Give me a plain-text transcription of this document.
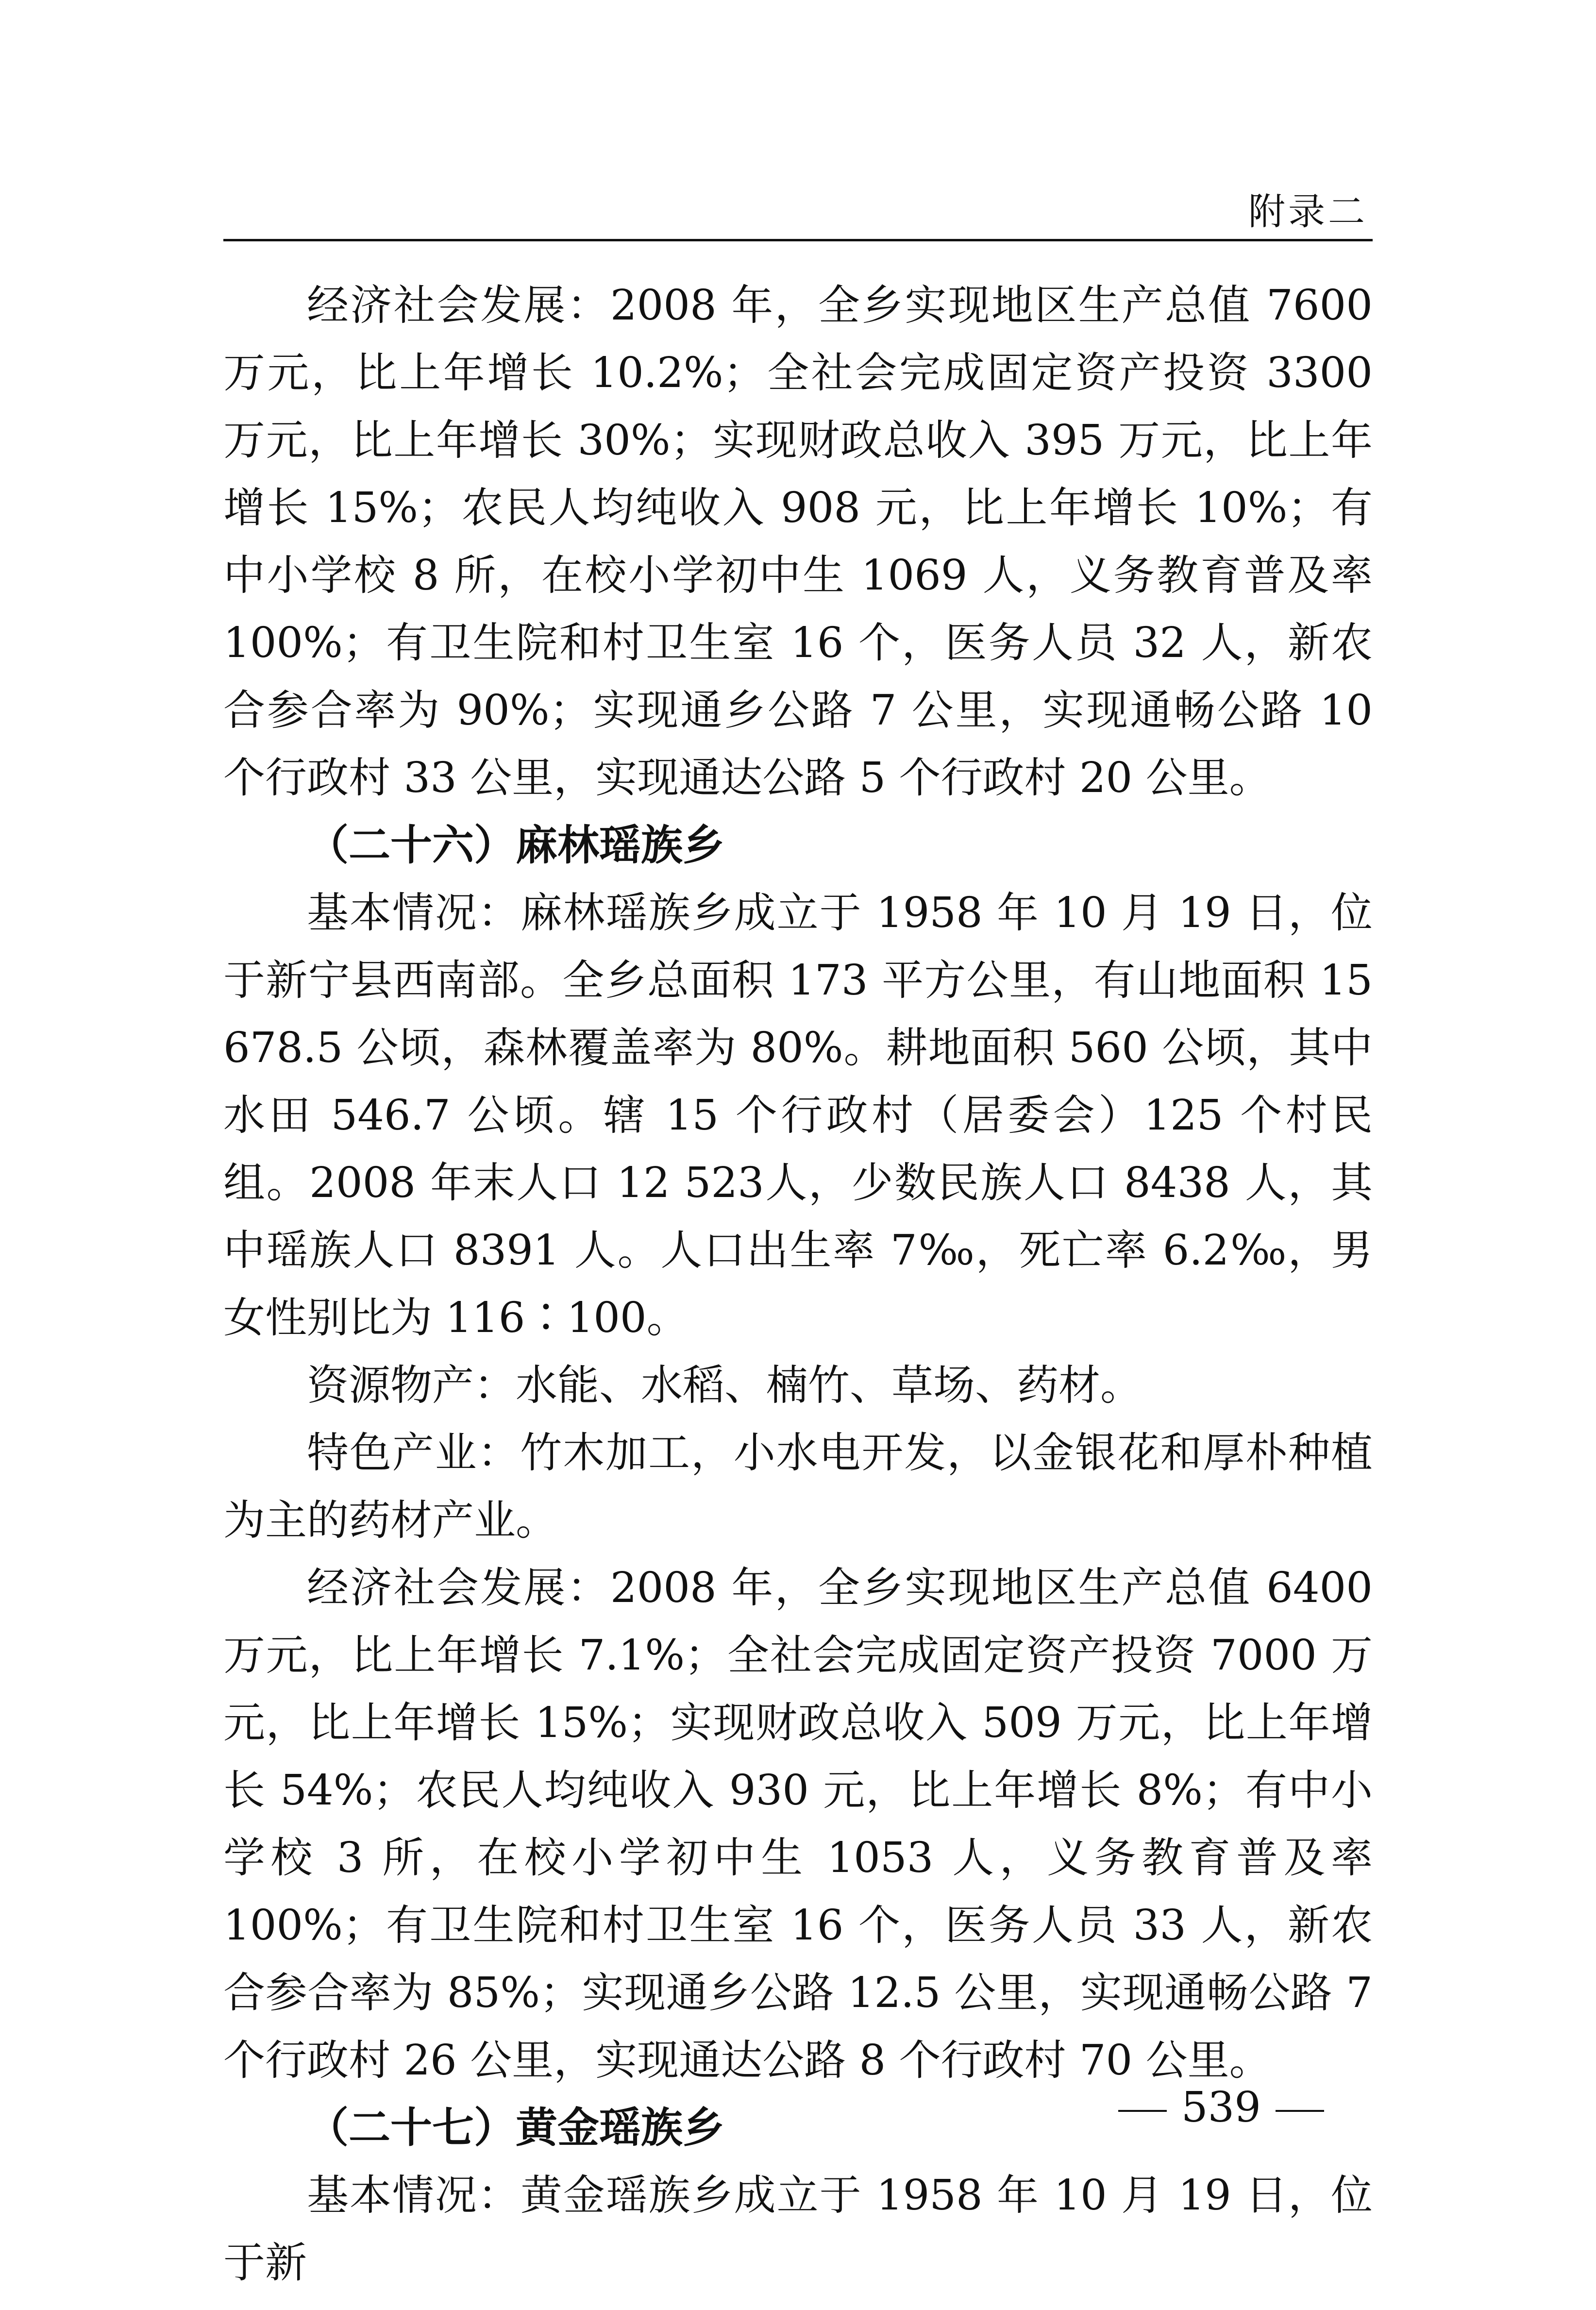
附录二

经济社会发展：2008 年，全乡实现地区生产总值 7600 万元，比上年增长 10.2%；全社会完成固定资产投资 3300 万元，比上年增长 30%；实现财政总收入 395 万元，比上年增长 15%；农民人均纯收入 908 元，比上年增长 10%；有中小学校 8 所，在校小学初中生 1069 人，义务教育普及率 100%；有卫生院和村卫生室 16 个，医务人员 32 人，新农合参合率为 90%；实现通乡公路 7 公里，实现通畅公路 10 个行政村 33 公里，实现通达公路 5 个行政村 20 公里。

（二十六）麻林瑶族乡

基本情况：麻林瑶族乡成立于 1958 年 10 月 19 日，位于新宁县西南部。全乡总面积 173 平方公里，有山地面积 15 678.5 公顷，森林覆盖率为 80%。耕地面积 560 公顷，其中水田 546.7 公顷。辖 15 个行政村（居委会）125 个村民组。2008 年末人口 12 523人，少数民族人口 8438 人，其中瑶族人口 8391 人。人口出生率 7‰，死亡率 6.2‰，男女性别比为 116∶100。

资源物产：水能、水稻、楠竹、草场、药材。

特色产业：竹木加工，小水电开发，以金银花和厚朴种植为主的药材产业。

经济社会发展：2008 年，全乡实现地区生产总值 6400 万元，比上年增长 7.1%；全社会完成固定资产投资 7000 万元，比上年增长 15%；实现财政总收入 509 万元，比上年增长 54%；农民人均纯收入 930 元，比上年增长 8%；有中小学校 3 所，在校小学初中生 1053 人，义务教育普及率 100%；有卫生院和村卫生室 16 个，医务人员 33 人，新农合参合率为 85%；实现通乡公路 12.5 公里，实现通畅公路 7 个行政村 26 公里，实现通达公路 8 个行政村 70 公里。

（二十七）黄金瑶族乡

基本情况：黄金瑶族乡成立于 1958 年 10 月 19 日，位于新

539
